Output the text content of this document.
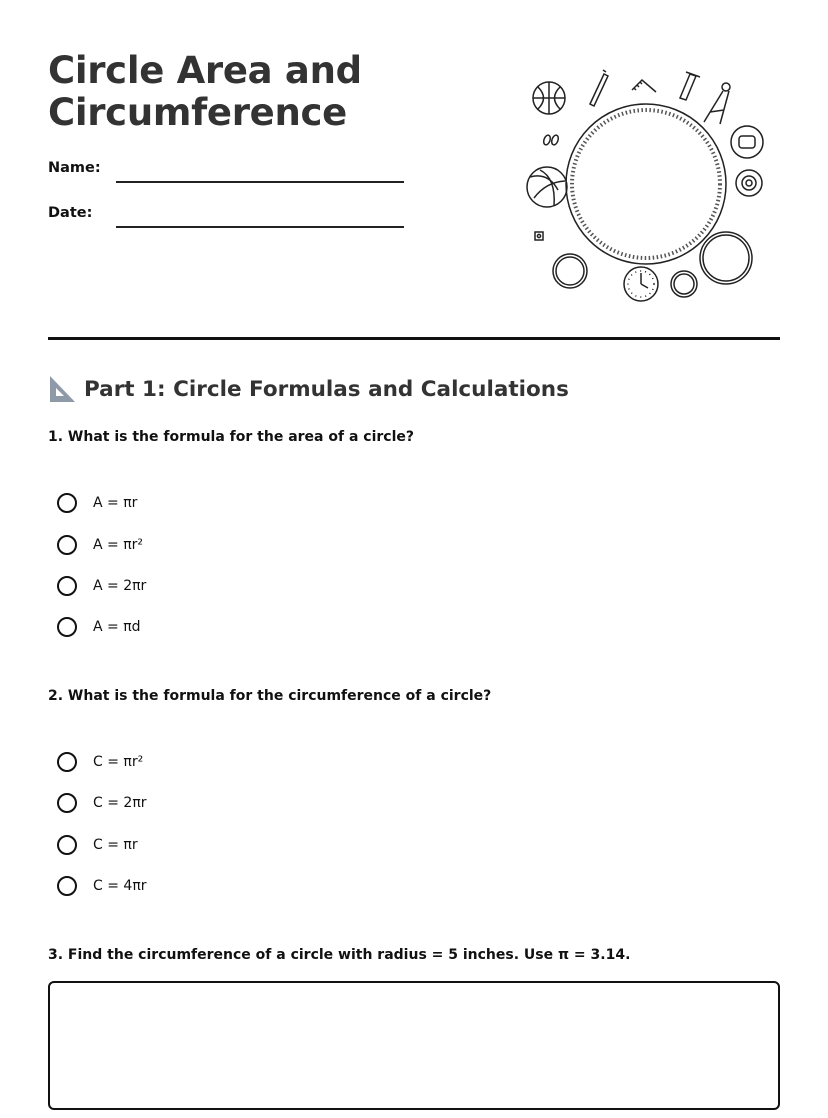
Circle Area and
Circumference
Name:
Date:
Part 1: Circle Formulas and Calculations
1. What is the formula for the area of a circle?
A = πr
A = πr²
A = 2πr
A = πd
2. What is the formula for the circumference of a circle?
C = πr²
C = 2πr
C = πr
C = 4πr
3. Find the circumference of a circle with radius = 5 inches. Use π = 3.14.
